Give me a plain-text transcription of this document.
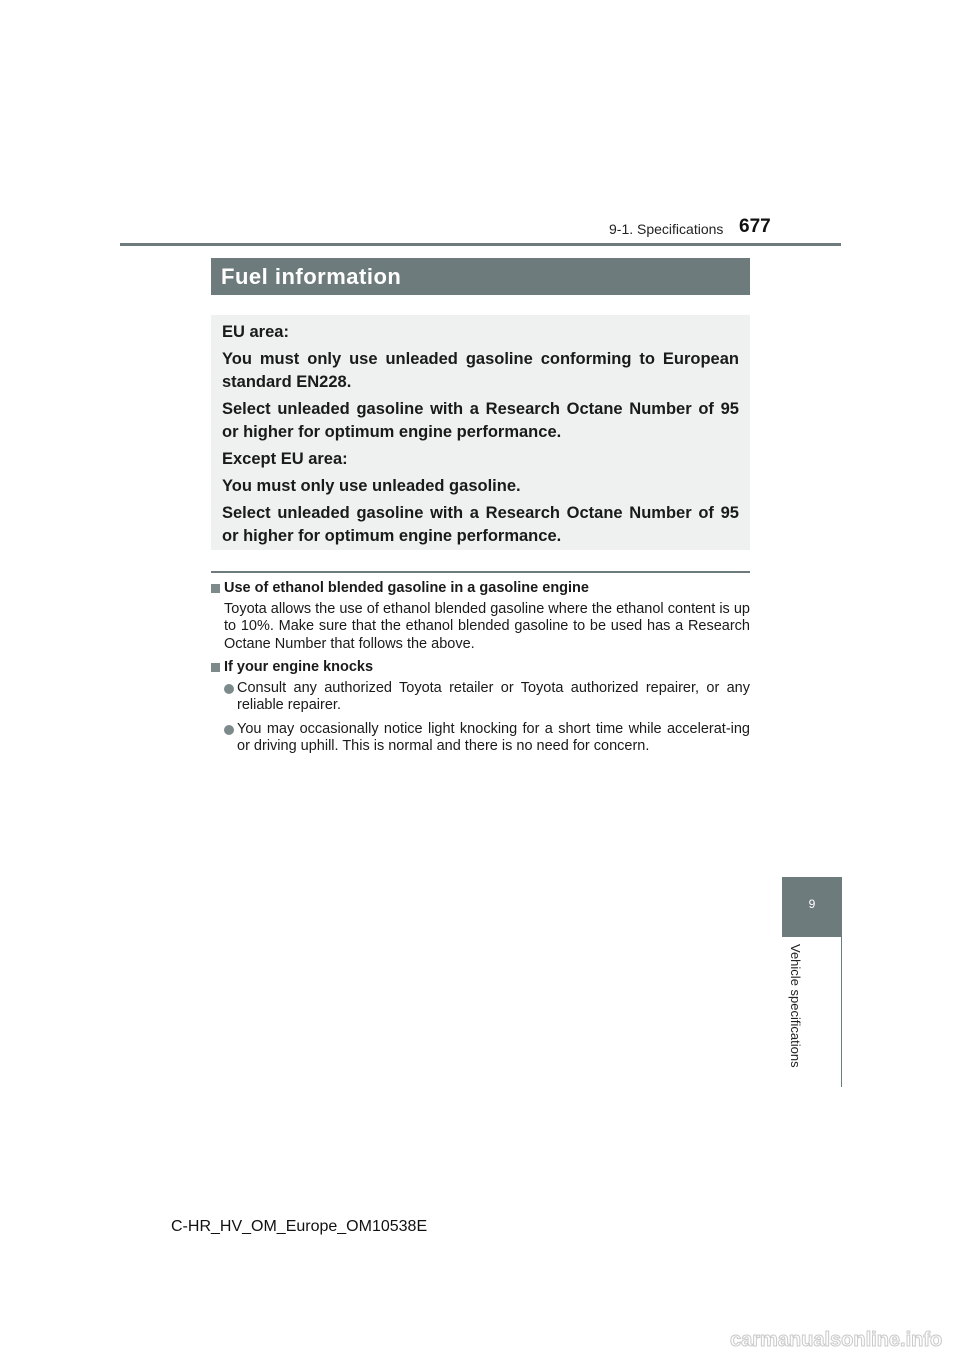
9-1. Specifications 677
Fuel information

EU area:

You must only use unleaded gasoline conforming to European standard EN228.

Select unleaded gasoline with a Research Octane Number of 95 or higher for optimum engine performance.

Except EU area:

You must only use unleaded gasoline.

Select unleaded gasoline with a Research Octane Number of 95 or higher for optimum engine performance.

Use of ethanol blended gasoline in a gasoline engine

Toyota allows the use of ethanol blended gasoline where the ethanol content is up to 10%. Make sure that the ethanol blended gasoline to be used has a Research Octane Number that follows the above.

If your engine knocks

Consult any authorized Toyota retailer or Toyota authorized repairer, or any reliable repairer.
You may occasionally notice light knocking for a short time while accelerat-ing or driving uphill. This is normal and there is no need for concern.
9
Vehicle specifications
C-HR_HV_OM_Europe_OM10538E
carmanualsonline.info
